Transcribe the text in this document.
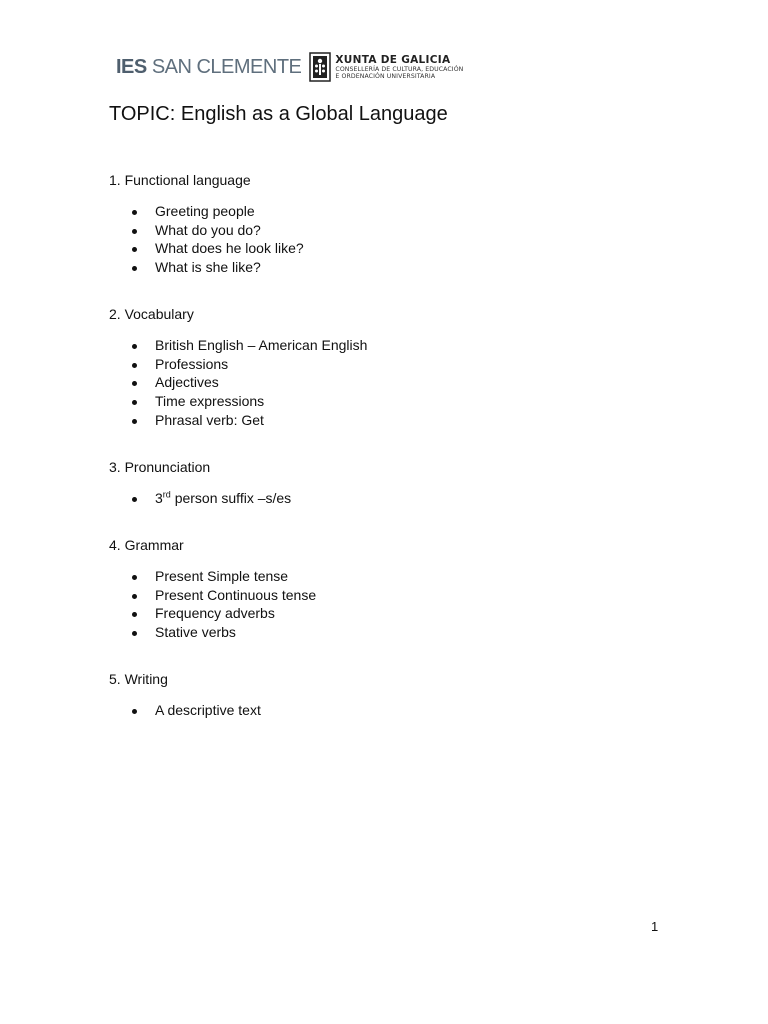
IES SAN CLEMENTE	XUNTA DE GALICIA
CONSELLERÍA DE CULTURA, EDUCACIÓN
E ORDENACIÓN UNIVERSITARIA
TOPIC: English as a Global Language

1. Functional language

Greeting people
What do you do?
What does he look like?
What is she like?

2. Vocabulary

British English – American English
Professions
Adjectives
Time expressions
Phrasal verb: Get

3. Pronunciation

3rd person suffix –s/es

4. Grammar

Present Simple tense
Present Continuous tense
Frequency adverbs
Stative verbs

5. Writing

A descriptive text
1
